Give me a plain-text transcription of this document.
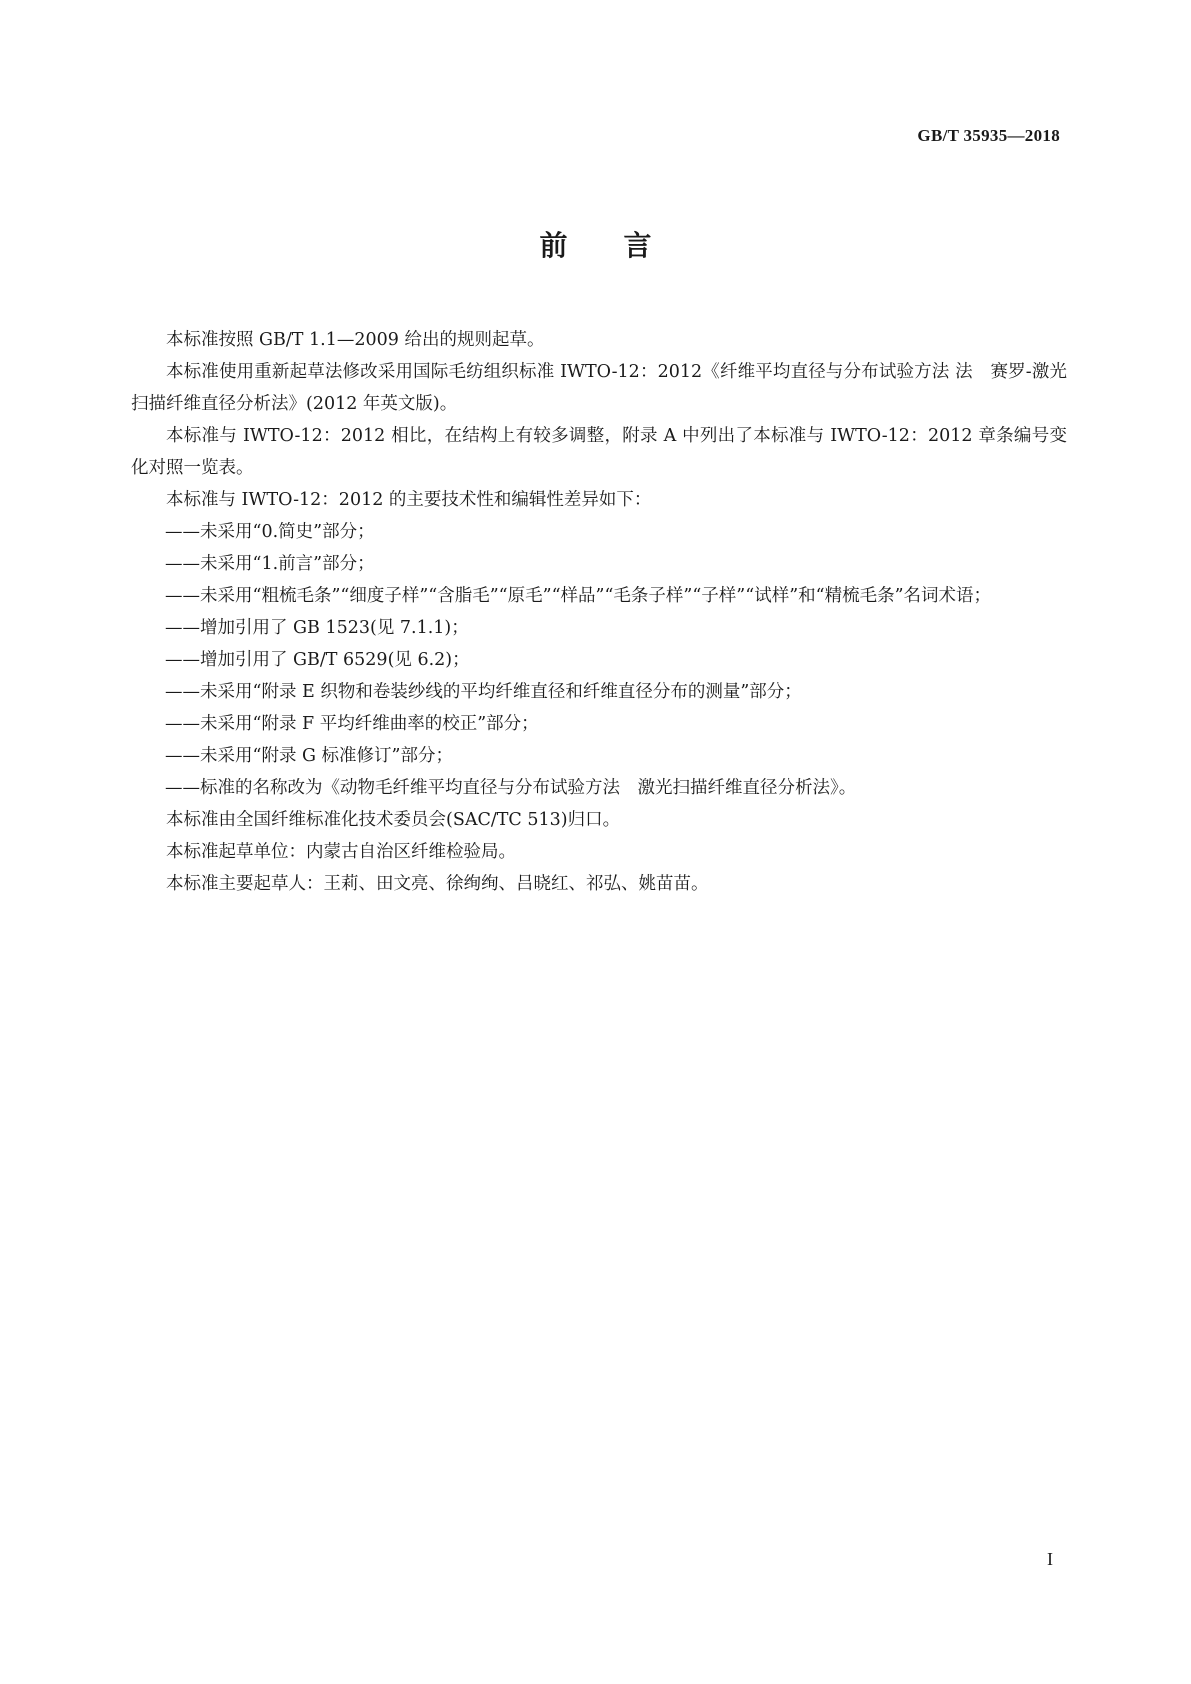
GB/T 35935—2018
前言

本标准按照 GB/T 1.1—2009 给出的规则起草。

本标准使用重新起草法修改采用国际毛纺组织标准 IWTO-12：2012《纤维平均直径与分布试验方法 法　赛罗-激光扫描纤维直径分析法》(2012 年英文版)。

本标准与 IWTO-12：2012 相比，在结构上有较多调整，附录 A 中列出了本标准与 IWTO-12：2012 章条编号变化对照一览表。

本标准与 IWTO-12：2012 的主要技术性和编辑性差异如下：

——未采用“0.简史”部分；

——未采用“1.前言”部分；

——未采用“粗梳毛条”“细度子样”“含脂毛”“原毛”“样品”“毛条子样”“子样”“试样”和“精梳毛条”名词术语；

——增加引用了 GB 1523(见 7.1.1)；

——增加引用了 GB/T 6529(见 6.2)；

——未采用“附录 E 织物和卷装纱线的平均纤维直径和纤维直径分布的测量”部分；

——未采用“附录 F 平均纤维曲率的校正”部分；

——未采用“附录 G 标准修订”部分；

——标准的名称改为《动物毛纤维平均直径与分布试验方法　激光扫描纤维直径分析法》。

本标准由全国纤维标准化技术委员会(SAC/TC 513)归口。

本标准起草单位：内蒙古自治区纤维检验局。

本标准主要起草人：王莉、田文亮、徐绚绚、吕晓红、祁弘、姚苗苗。

I
